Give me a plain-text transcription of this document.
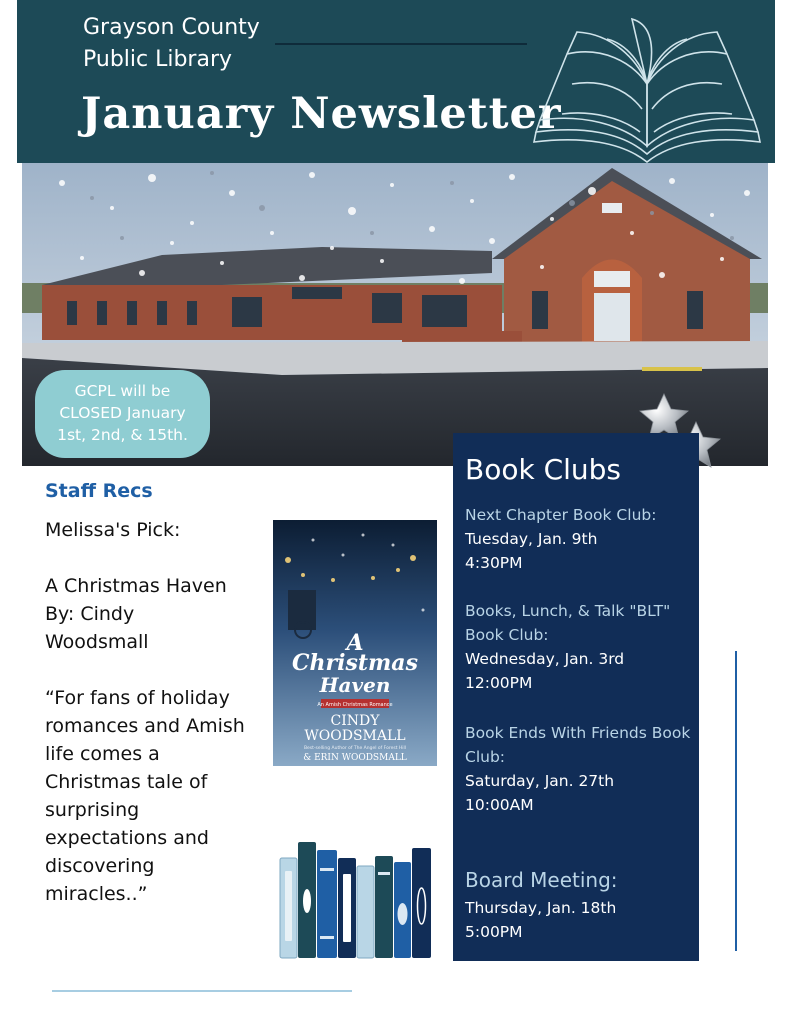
Grayson County
Public Library
January Newsletter
GCPL will be
CLOSED January
1st, 2nd, & 15th.
Staff Recs

Melissa's Pick:

A Christmas Haven
By: Cindy
Woodsmall

“For fans of holiday romances and Amish life comes a Christmas tale of surprising expectations and discovering miracles..”

A
Christmas
Haven
An Amish Christmas Romance
CINDY
WOODSMALL
Best-selling Author of The Angel of Forest Hill
& ERIN WOODSMALL
Book Clubs
Next Chapter Book Club:
Tuesday, Jan. 9th
4:30PM
Books, Lunch, & Talk "BLT" Book Club:
Wednesday, Jan. 3rd
12:00PM
Book Ends With Friends Book Club:
Saturday, Jan. 27th
10:00AM
Board Meeting:
Thursday, Jan. 18th
5:00PM
